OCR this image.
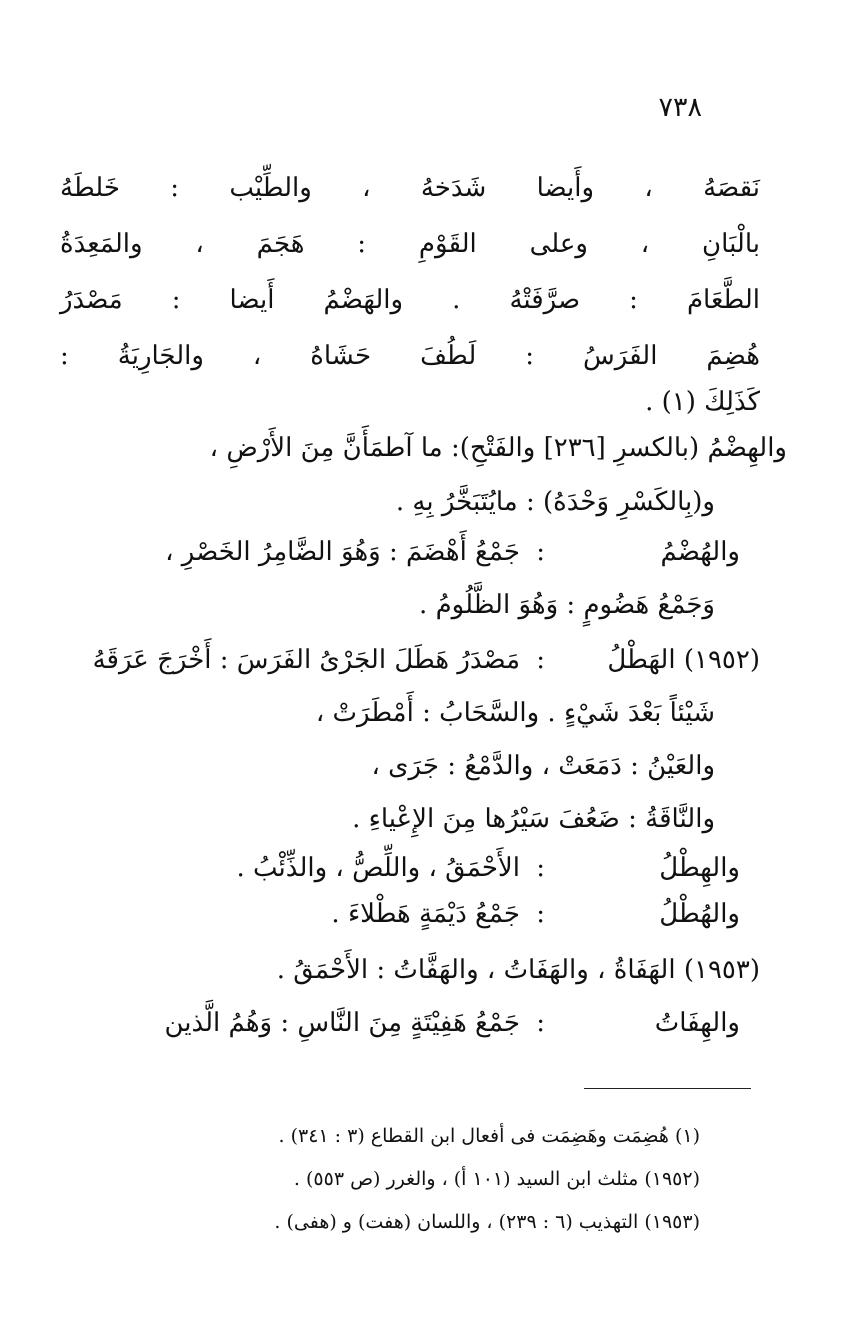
٧٣٨
نَقصَهُ ، وأَيضا شَدَخهُ ، والطِّيْب : خَلطَهُ
بالْبَانِ ، وعلى القَوْمِ : هَجَمَ ، والمَعِدَةُ
الطَّعَامَ : صرَّفَتْهُ . والهَضْمُ أَيضا : مَصْدَرُ
هُضِمَ الفَرَسُ : لَطُفَ حَشَاهُ ، والجَارِيَةُ :
كَذَلِكَ (١) .
والهِضْمُ (بالكسرِ [٢٣٦] والفَتْحِ): ما آطمَأَنَّ مِنَ الأَرْضِ ،
و(بِالكَسْرِ وَحْدَهُ) : مايُتَبَخَّرُ بِهِ .
والهُضْمُ
:
جَمْعُ أَهْضَمَ : وَهُوَ الضَّامِرُ الخَصْرِ ،
وَجَمْعُ هَضُومٍ : وَهُوَ الظَّلُومُ .
(١٩٥٢) الهَطْلُ
:
مَصْدَرُ هَطَلَ الجَرْىُ الفَرَسَ : أَخْرَجَ عَرَقَهُ
شَيْئاً بَعْدَ شَيْءٍ . والسَّحَابُ : أَمْطَرَتْ ،
والعَيْنُ : دَمَعَتْ ، والدَّمْعُ : جَرَى ،
والنَّاقَةُ : ضَعُفَ سَيْرُها مِنَ الإِعْياءِ .
والهِطْلُ
:
الأَحْمَقُ ، واللِّصُّ ، والذِّئْبُ .
والهُطْلُ
:
جَمْعُ دَيْمَةٍ هَطْلاءَ .
(١٩٥٣) الهَفَاةُ ، والهَفَاتُ ، والهَفَّاتُ : الأَحْمَقُ .
والهِفَاتُ
:
جَمْعُ هَفِيْتَةٍ مِنَ النَّاسِ : وَهُمُ الَّذين
(١) هُضِمَت وهَضِمَت فى أفعال ابن القطاع (٣ : ٣٤١) .
(١٩٥٢) مثلث ابن السيد (١٠١ أ) ، والغرر (ص ٥٥٣) .
(١٩٥٣) التهذيب (٦ : ٢٣٩) ، واللسان (هفت) و (هفى) .
